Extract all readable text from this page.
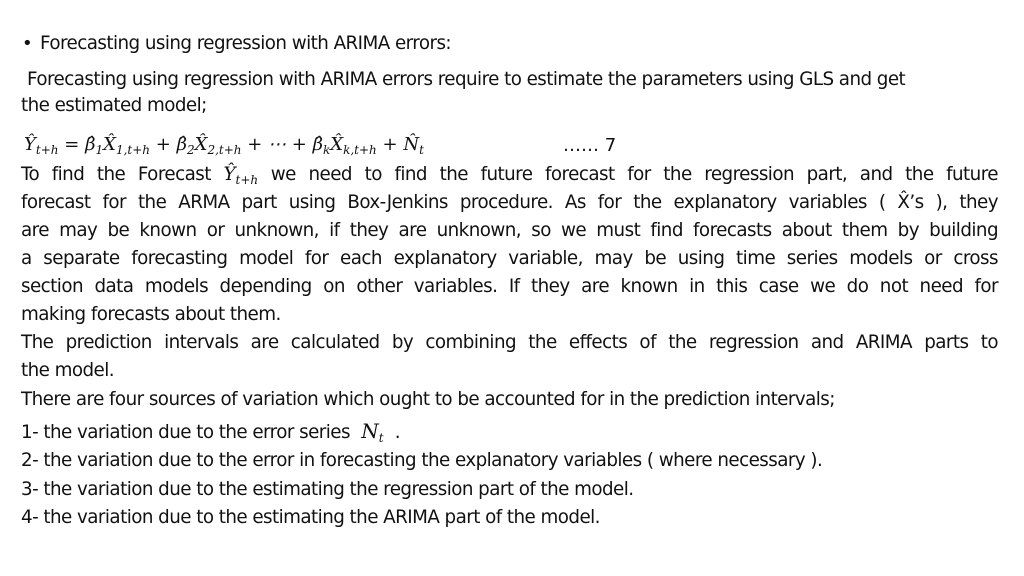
• Forecasting using regression with ARIMA errors:
Forecasting using regression with ARIMA errors require to estimate the parameters using GLS and get
the estimated model;
$Ŷ_{t+h}$ = $\betâ_1X̂_{1,t+h}$ + $\betâ_2X̂_{2,t+h}$ + ⋯ + $\betâ_kX̂_{k,t+h}$ + $N̂_t$	…… 7
To find the Forecast $Ŷ_{t+h}$ we need to find the future forecast for the regression part, and the future
forecast for the ARMA part using Box-Jenkins procedure. As for the explanatory variables ( X̂’s ), they
are may be known or unknown, if they are unknown, so we must find forecasts about them by building
a separate forecasting model for each explanatory variable, may be using time series models or cross
section data models depending on other variables. If they are known in this case we do not need for
making forecasts about them.
The prediction intervals are calculated by combining the effects of the regression and ARIMA parts to
the model.
There are four sources of variation which ought to be accounted for in the prediction intervals;
1- the variation due to the error series $N_t$ .
2- the variation due to the error in forecasting the explanatory variables ( where necessary ).
3- the variation due to the estimating the regression part of the model.
4- the variation due to the estimating the ARIMA part of the model.
